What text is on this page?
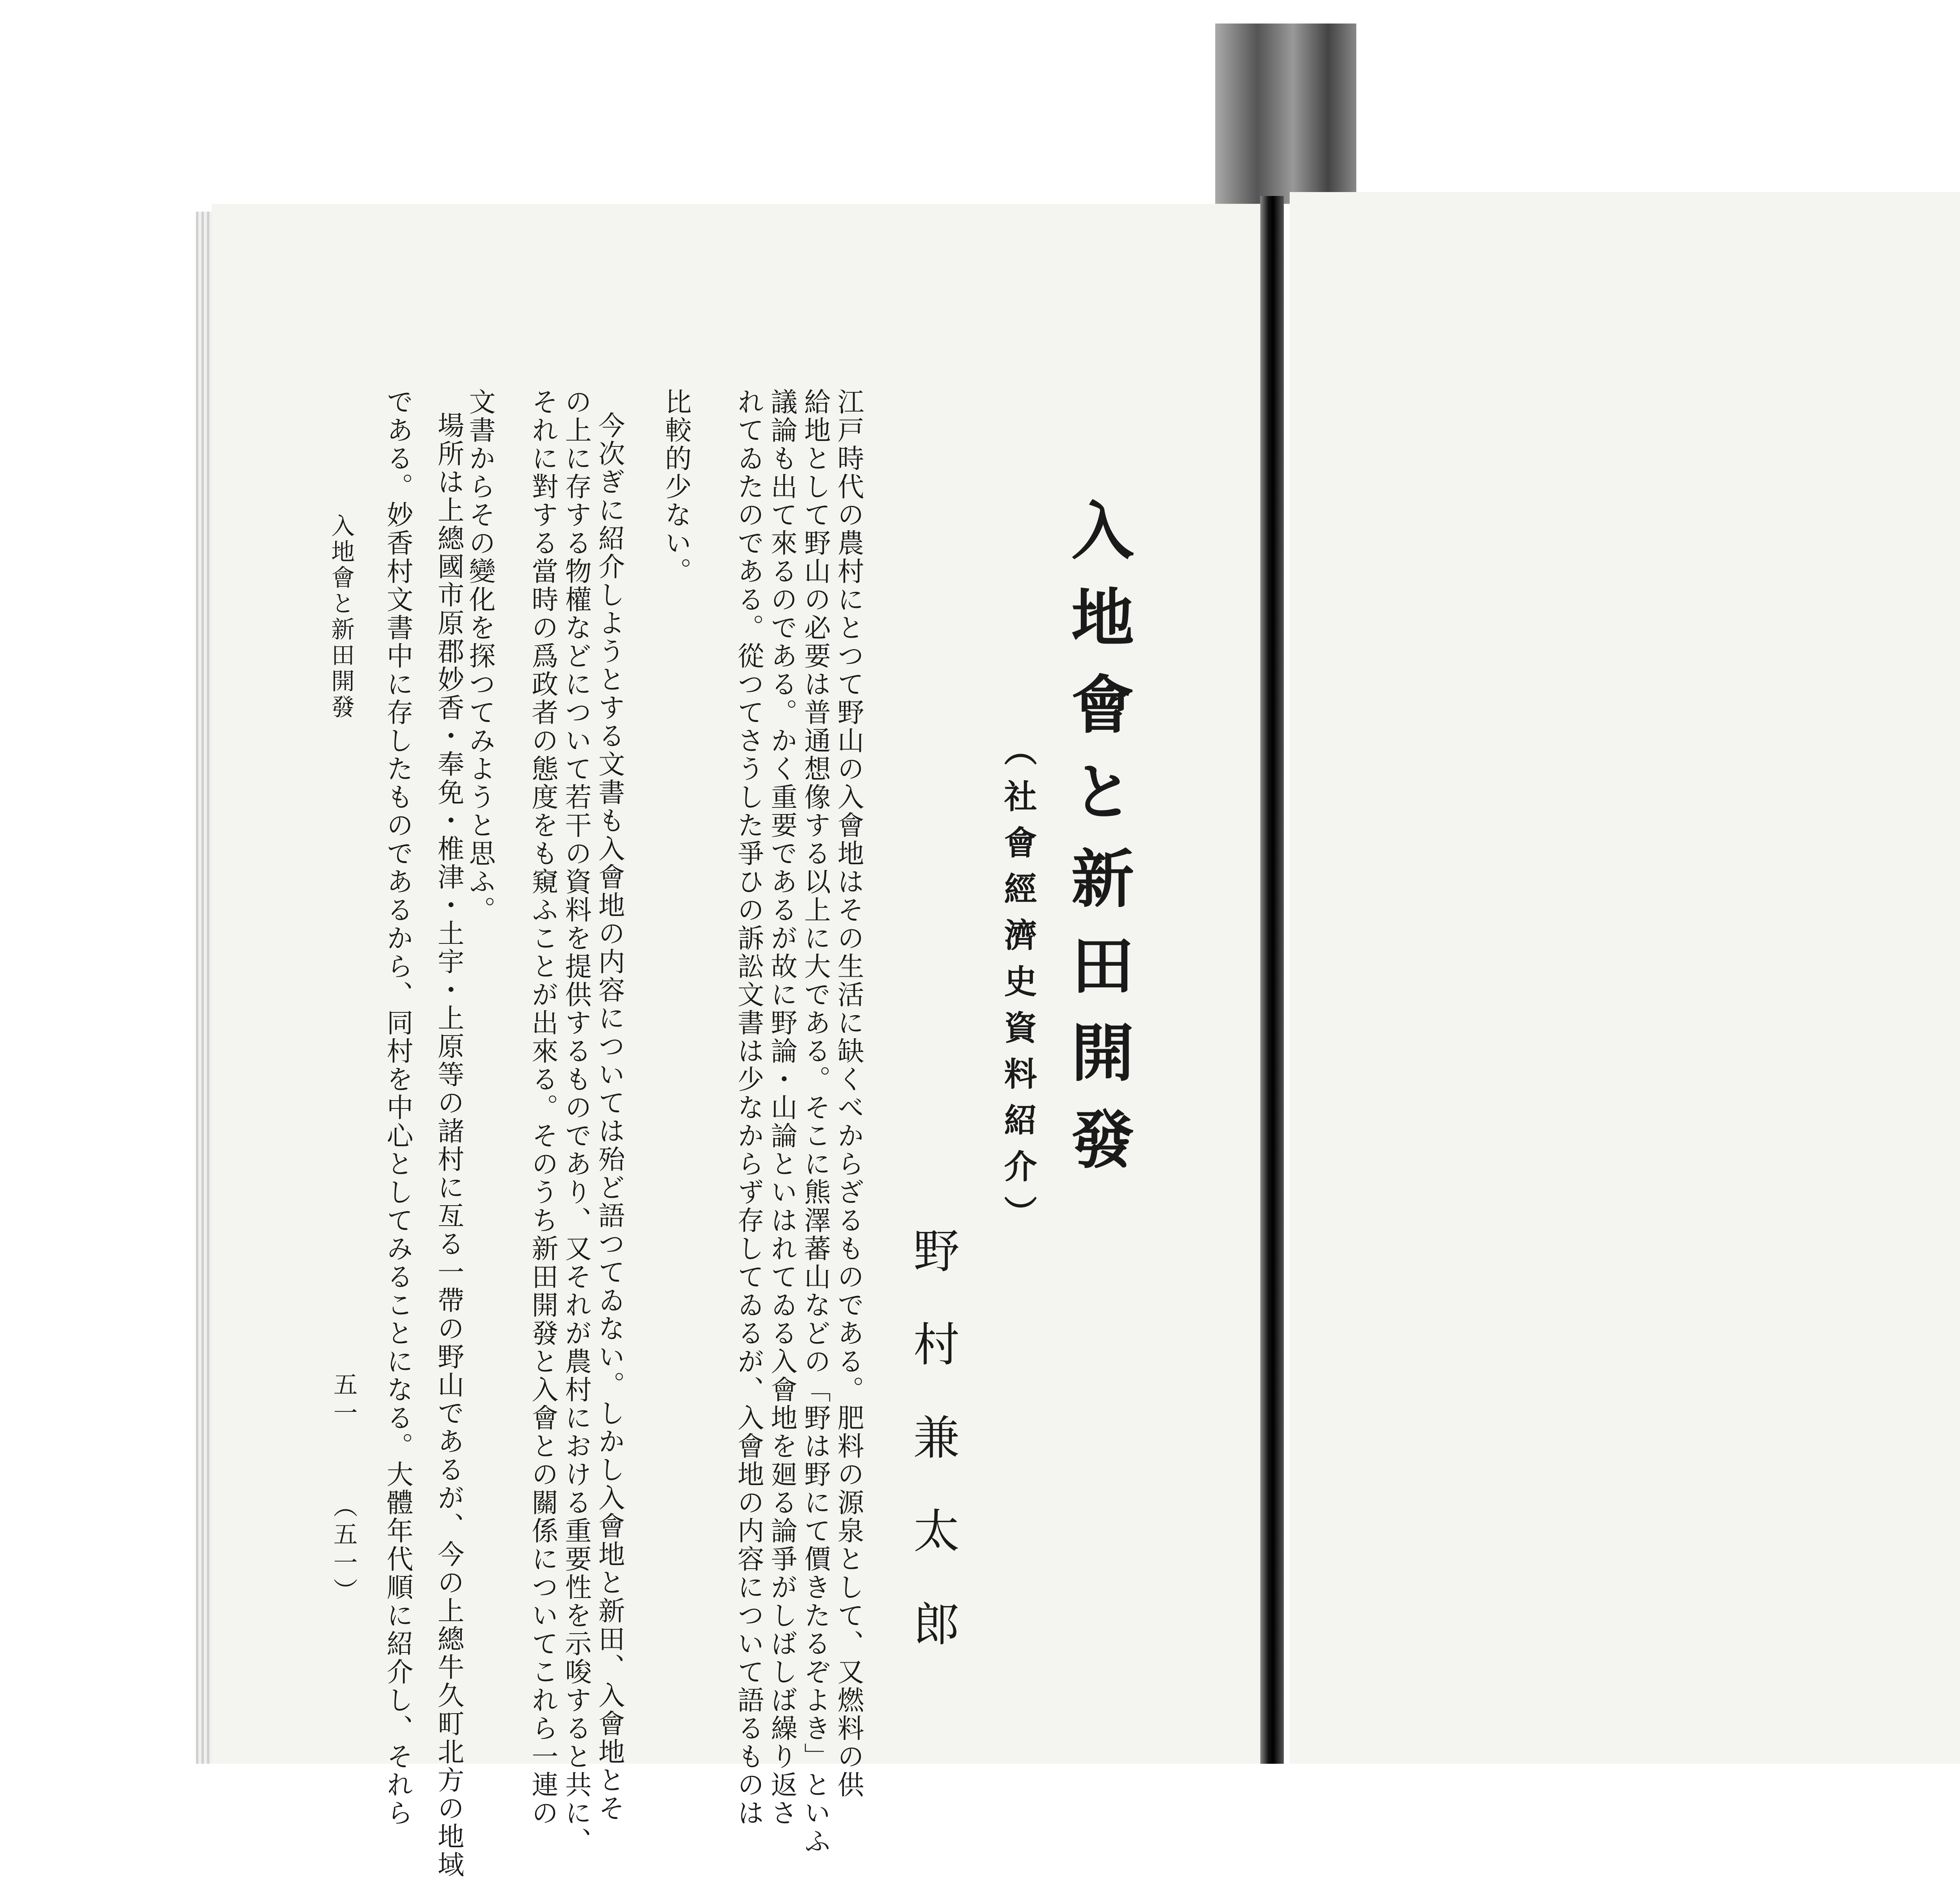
入地會と新田開發
（社會經濟史資料紹介）
野村兼太郎
江戸時代の農村にとつて野山の入會地はその生活に缺くべからざるものである。肥料の源泉として、又燃料の供
給地として野山の必要は普通想像する以上に大である。そこに熊澤蕃山などの「野は野にて價きたるぞよき」といふ
議論も出て來るのである。かく重要であるが故に野論・山論といはれてゐる入會地を廻る論爭がしばしば繰り返さ
れてゐたのである。從つてさうした爭ひの訴訟文書は少なからず存してゐるが、入會地の内容について語るものは
比較的少ない。
今次ぎに紹介しようとする文書も入會地の内容については殆ど語つてゐない。しかし入會地と新田、入會地とそ
の上に存する物權などについて若干の資料を提供するものであり、又それが農村における重要性を示唆すると共に、
それに對する當時の爲政者の態度をも窺ふことが出來る。そのうち新田開發と入會との關係についてこれら一連の
文書からその變化を探つてみようと思ふ。
場所は上總國市原郡妙香・奉免・椎津・土宇・上原等の諸村に亙る一帶の野山であるが、今の上總牛久町北方の地域
である。妙香村文書中に存したものであるから、同村を中心としてみることになる。大體年代順に紹介し、それら
入地會と新田開發
五一
（五一）
